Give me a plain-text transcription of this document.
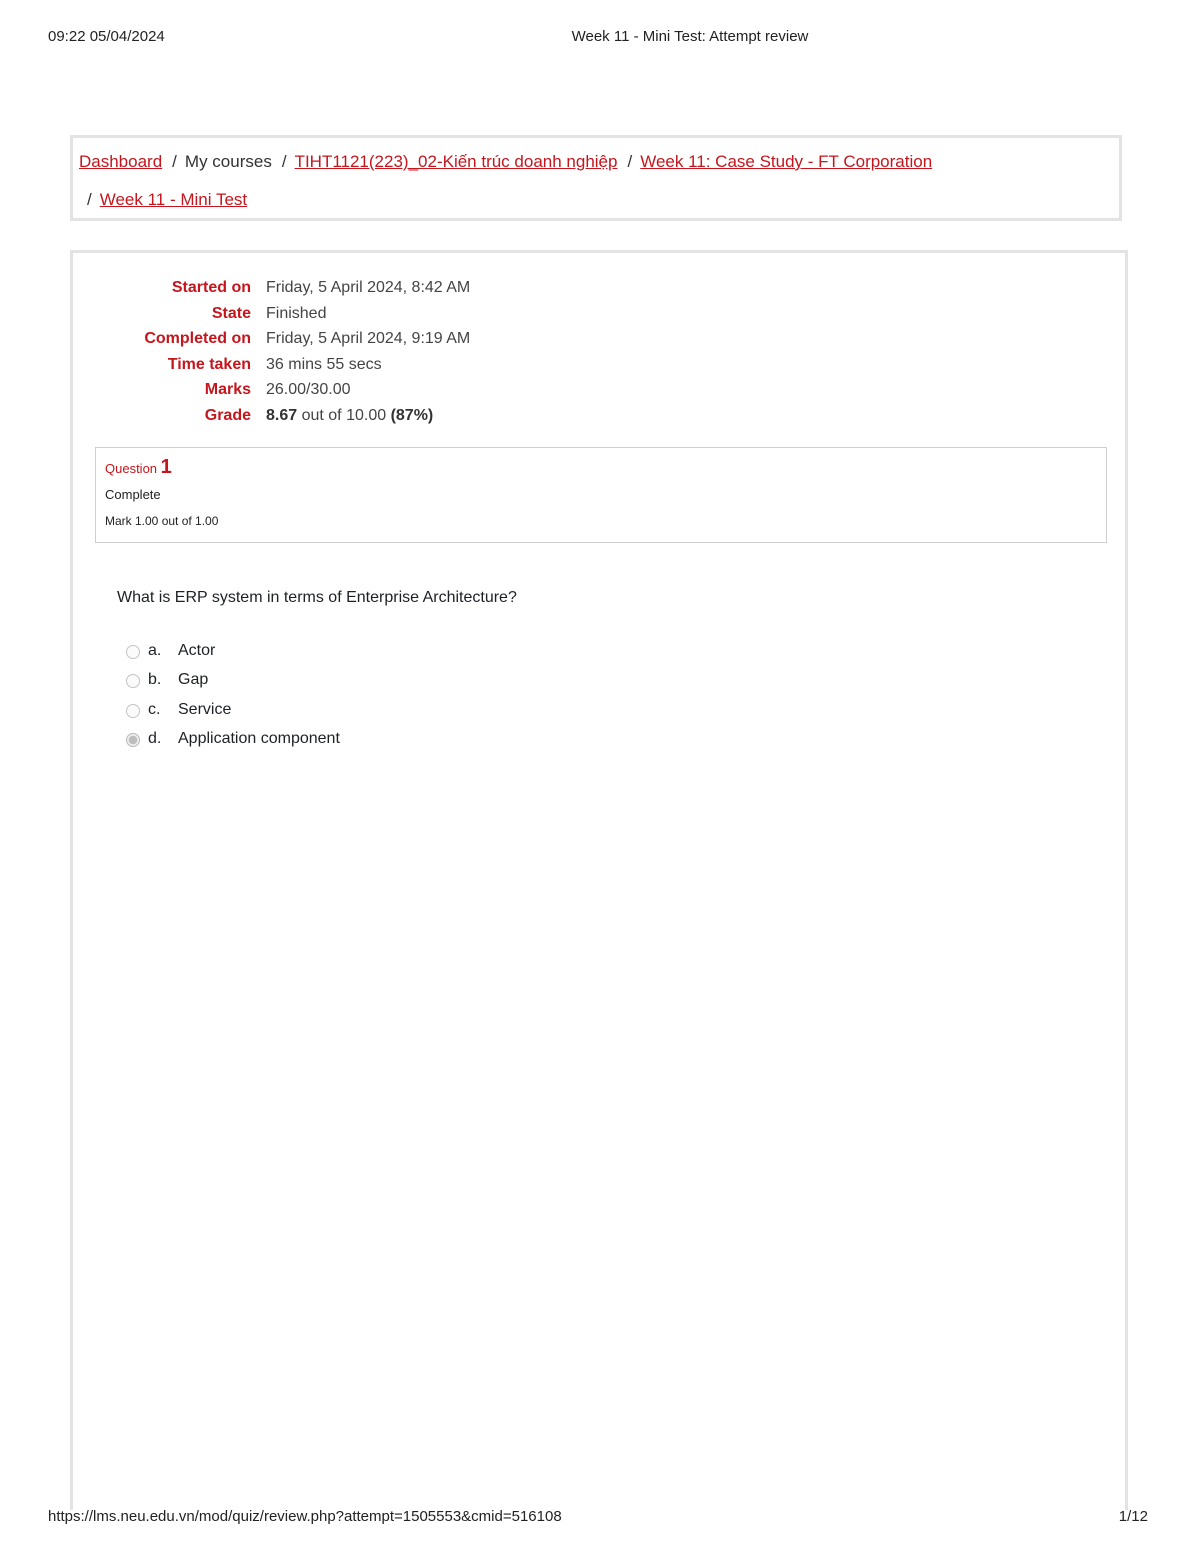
09:22 05/04/2024	Week 11 - Mini Test: Attempt review
Dashboard / My courses / TIHT1121(223)_02-Kiến trúc doanh nghiệp / Week 11: Case Study - FT Corporation
/ Week 11 - Mini Test
Started on Friday, 5 April 2024, 8:42 AM
State Finished
Completed on Friday, 5 April 2024, 9:19 AM
Time taken 36 mins 55 secs
Marks 26.00/30.00
Grade 8.67 out of 10.00 (87%)
Question 1
Complete
Mark 1.00 out of 1.00
What is ERP system in terms of Enterprise Architecture?
a. Actor
b. Gap
c. Service
d. Application component
https://lms.neu.edu.vn/mod/quiz/review.php?attempt=1505553&cmid=516108	1/12
